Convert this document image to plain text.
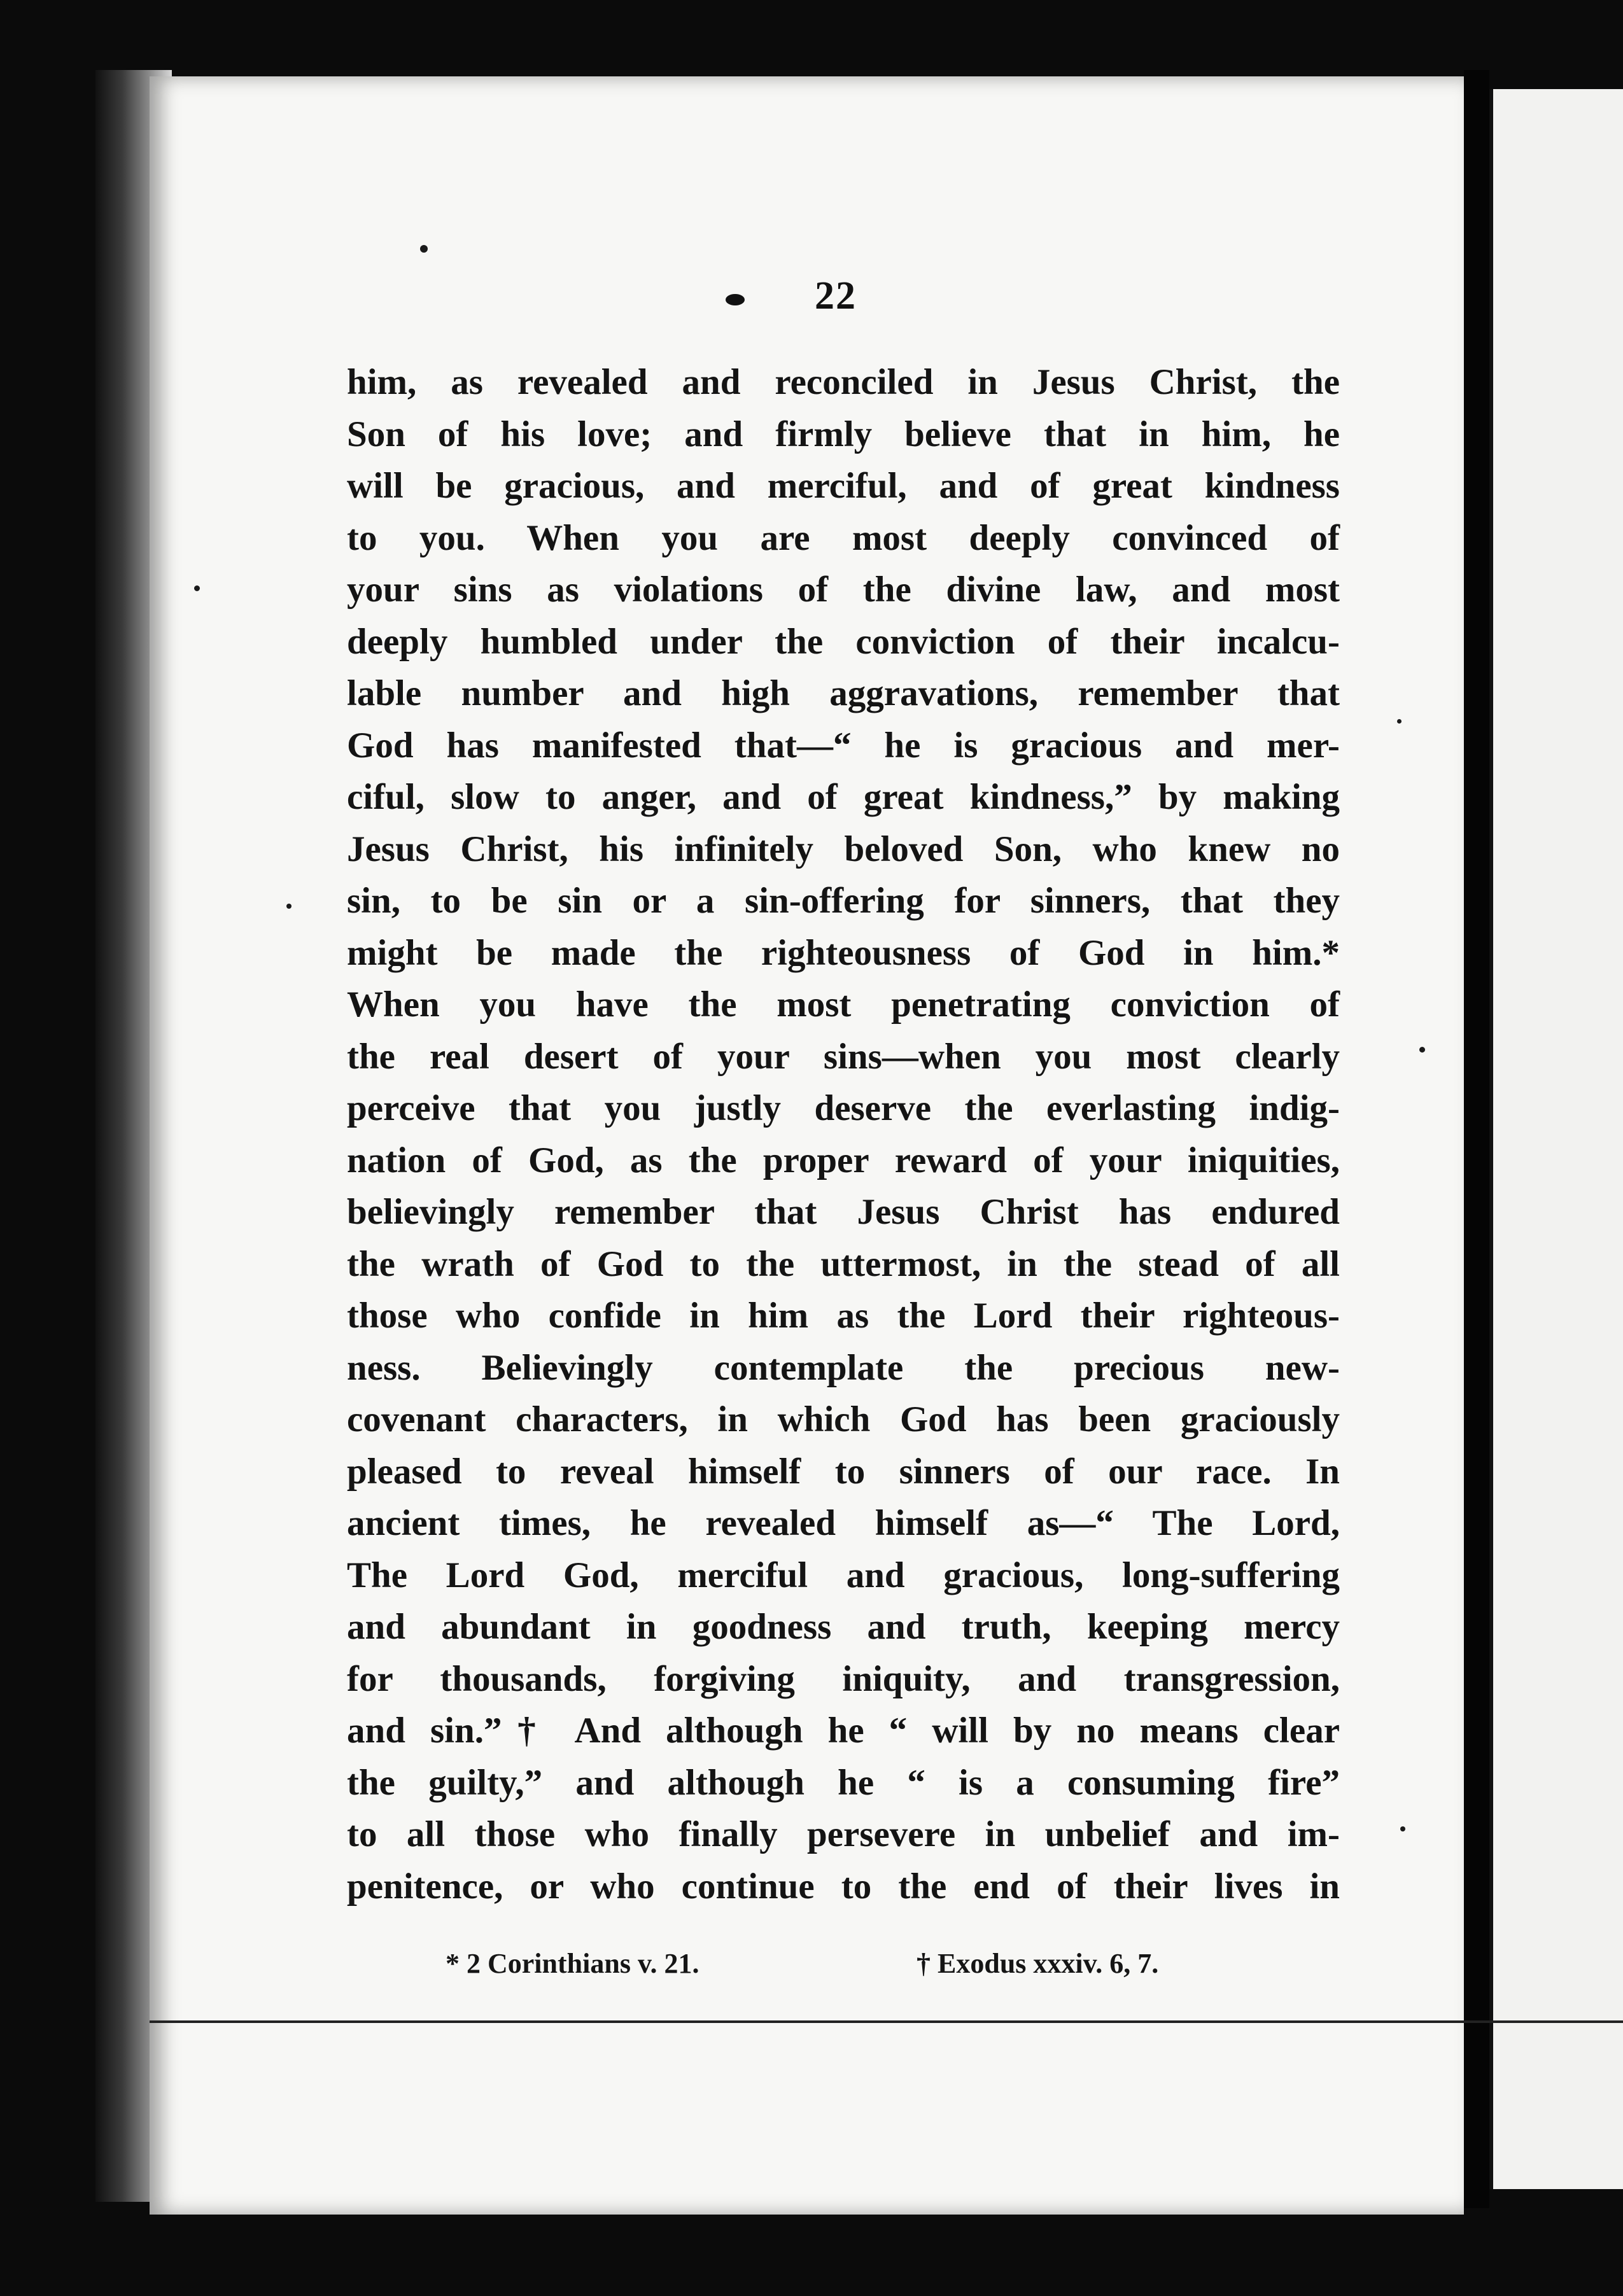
22
him, as revealed and reconciled in Jesus Christ, the
Son of his love; and firmly believe that in him, he
will be gracious, and merciful, and of great kindness
to you. When you are most deeply convinced of
your sins as violations of the divine law, and most
deeply humbled under the conviction of their incalcu-
lable number and high aggravations, remember that
God has manifested that—“ he is gracious and mer-
ciful, slow to anger, and of great kindness,” by making
Jesus Christ, his infinitely beloved Son, who knew no
sin, to be sin or a sin-offering for sinners, that they
might be made the righteousness of God in him.*
When you have the most penetrating conviction of
the real desert of your sins—when you most clearly
perceive that you justly deserve the everlasting indig-
nation of God, as the proper reward of your iniquities,
believingly remember that Jesus Christ has endured
the wrath of God to the uttermost, in the stead of all
those who confide in him as the Lord their righteous-
ness. Believingly contemplate the precious new-
covenant characters, in which God has been graciously
pleased to reveal himself to sinners of our race. In
ancient times, he revealed himself as—“ The Lord,
The Lord God, merciful and gracious, long-suffering
and abundant in goodness and truth, keeping mercy
for thousands, forgiving iniquity, and transgression,
and sin.”† And although he “ will by no means clear
the guilty,” and although he “ is a consuming fire”
to all those who finally persevere in unbelief and im-
penitence, or who continue to the end of their lives in
* 2 Corinthians v. 21.	† Exodus xxxiv. 6, 7.
